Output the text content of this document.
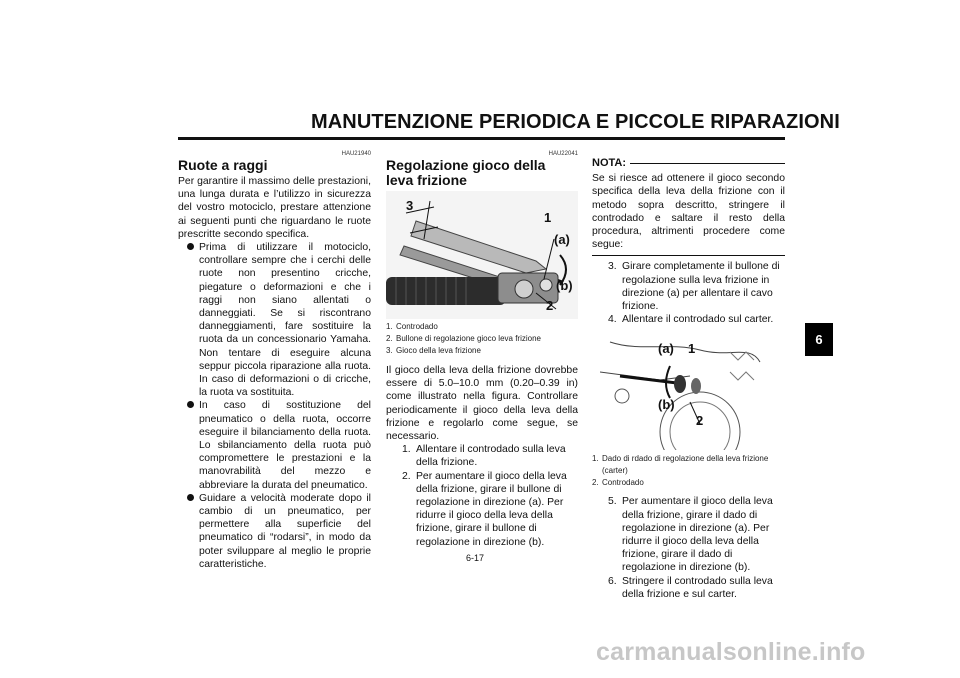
MANUTENZIONE PERIODICA E PICCOLE RIPARAZIONI
HAU21940
Ruote a raggi

Per garantire il massimo delle prestazioni, una lunga durata e l’utilizzo in sicurezza del vostro motociclo, prestare attenzione ai seguenti punti che riguardano le ruote prescritte secondo specifica.

Prima di utilizzare il motociclo, controllare sempre che i cerchi delle ruote non presentino cricche, piegature o deformazioni e che i raggi non siano allentati o danneggiati. Se si riscontrano danneggiamenti, fare sostituire la ruota da un concessionario Yamaha. Non tentare di eseguire alcuna seppur piccola riparazione alla ruota. In caso di deformazioni o di cricche, la ruota va sostituita.
In caso di sostituzione del pneumatico o della ruota, occorre eseguire il bilanciamento della ruota. Lo sbilanciamento della ruota può compromettere le prestazioni e la manovrabilità del mezzo e abbreviare la durata del pneumatico.
Guidare a velocità moderate dopo il cambio di un pneumatico, per permettere alla superficie del pneumatico di “rodarsi”, in modo da poter sviluppare al meglio le proprie caratteristiche.
HAU22041
Regolazione gioco della leva frizione
3
1
(a)
(b)
2
1. Controdado
2. Bullone di regolazione gioco leva frizione
3. Gioco della leva frizione

Il gioco della leva della frizione dovrebbe essere di 5.0–10.0 mm (0.20–0.39 in) come illustrato nella figura. Controllare periodicamente il gioco della leva della frizione e regolarlo come segue, se necessario.

1. Allentare il controdado sulla leva della frizione.
2. Per aumentare il gioco della leva della frizione, girare il bullone di regolazione in direzione (a). Per ridurre il gioco della leva della frizione, girare il bullone di regolazione in direzione (b).
NOTA:

Se si riesce ad ottenere il gioco secondo specifica della leva della frizione con il metodo sopra descritto, stringere il controdado e saltare il resto della procedura, altrimenti procedere come segue:

3. Girare completamente il bullone di regolazione sulla leva frizione in direzione (a) per allentare il cavo frizione.
4. Allentare il controdado sul carter.
(a) 1
(b)
2
1. Dado di rdado di regolazione della leva frizione (carter)
2. Controdado
5. Per aumentare il gioco della leva della frizione, girare il dado di regolazione in direzione (a). Per ridurre il gioco della leva della frizione, girare il dado di regolazione in direzione (b).
6. Stringere il controdado sulla leva della frizione e sul carter.
6
6-17
carmanualsonline.info
